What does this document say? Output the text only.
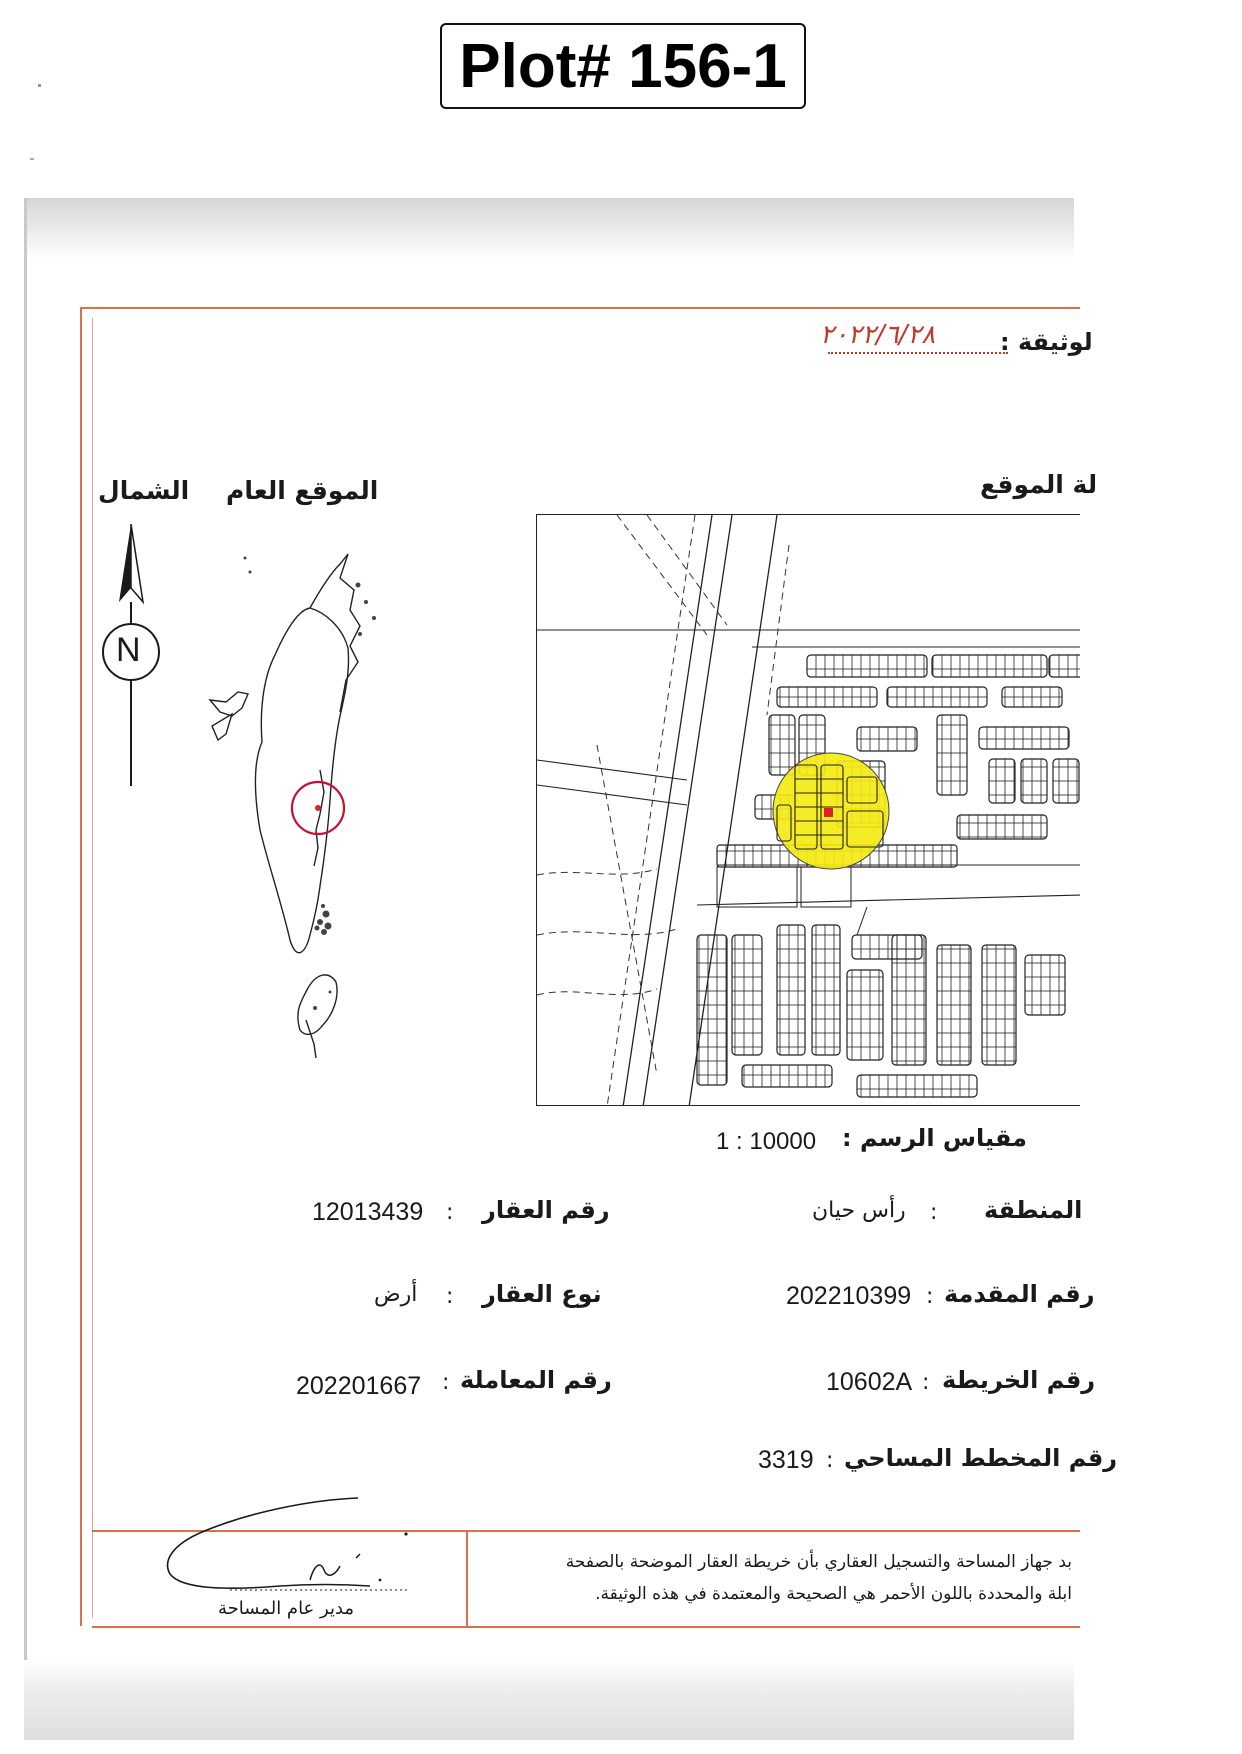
Plot# 156-1
لوثيقة :
٢٠٢٢/٦/٢٨
الشمال الموقع العام	لة الموقع
N
مقياس الرسم :
1 : 10000
المنطقة
:
رأس حيان
رقم المقدمة
:
202210399
رقم الخريطة
:
10602A
رقم المخطط المساحي
:
3319
رقم العقار
:
12013439
نوع العقار
:
أرض
رقم المعاملة
:
202201667
مدير عام المساحة
بد جهاز المساحة والتسجيل العقاري بأن خريطة العقار الموضحة بالصفحة
ابلة والمحددة باللون الأحمر هي الصحيحة والمعتمدة في هذه الوثيقة.
